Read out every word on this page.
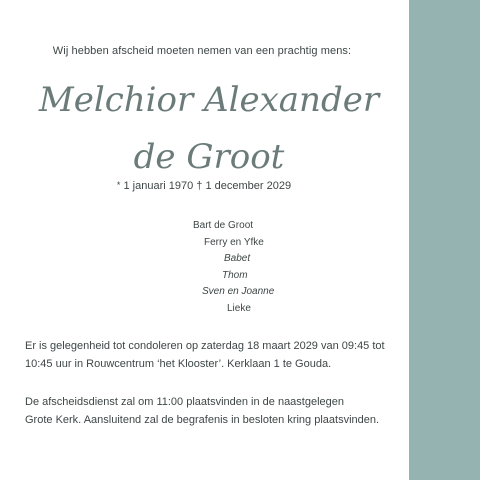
Wij hebben afscheid moeten nemen van een prachtig mens:
Melchior Alexander
de Groot
* 1 januari 1970 † 1 december 2029
Bart de Groot
Ferry en Yfke
Babet
Thom
Sven en Joanne
Lieke
Er is gelegenheid tot condoleren op zaterdag 18 maart 2029 van 09:45 tot
10:45 uur in Rouwcentrum ‘het Klooster’. Kerklaan 1 te Gouda.
De afscheidsdienst zal om 11:00 plaatsvinden in de naastgelegen
Grote Kerk. Aansluitend zal de begrafenis in besloten kring plaatsvinden.
